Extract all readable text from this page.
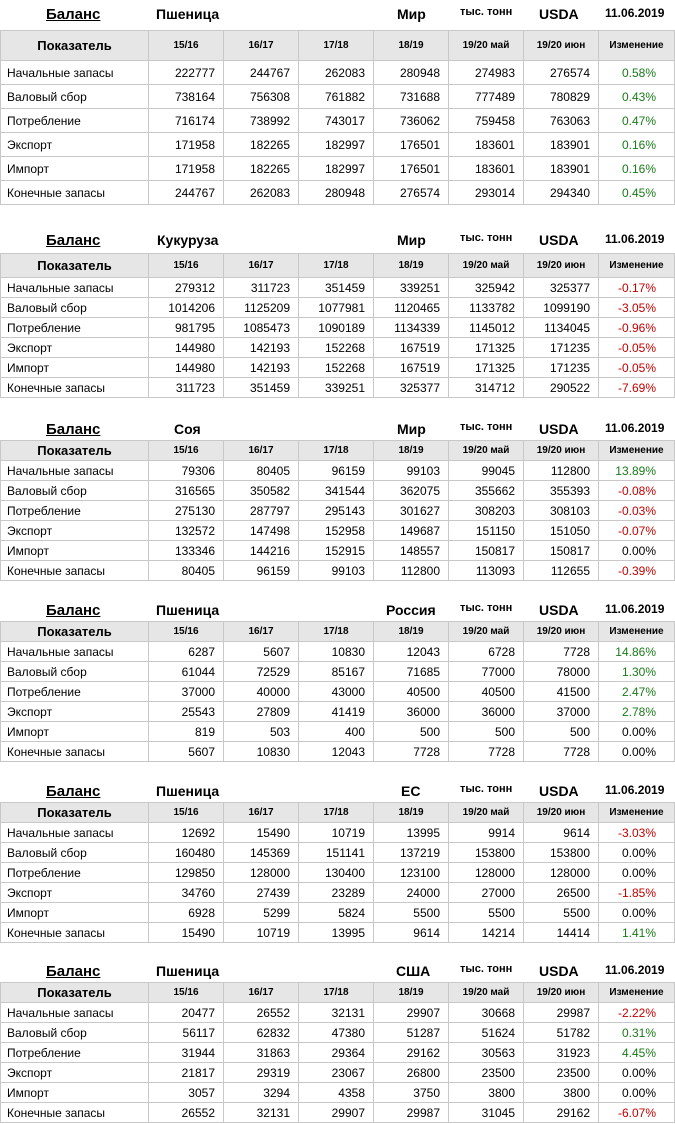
Баланс	Пшеница	Мир	тыс. тонн USDA 11.06.2019
Показатель	15/16	16/17	17/18	18/19	19/20 май	19/20 июн	Изменение
Начальные запасы	222777	244767	262083	280948	274983	276574	0.58%
Валовый сбор	738164	756308	761882	731688	777489	780829	0.43%
Потребление	716174	738992	743017	736062	759458	763063	0.47%
Экспорт	171958	182265	182997	176501	183601	183901	0.16%
Импорт	171958	182265	182997	176501	183601	183901	0.16%
Конечные запасы	244767	262083	280948	276574	293014	294340	0.45%
Баланс	Кукуруза	Мир	тыс. тонн USDA 11.06.2019
Показатель	15/16	16/17	17/18	18/19	19/20 май	19/20 июн	Изменение
Начальные запасы	279312	311723	351459	339251	325942	325377	-0.17%
Валовый сбор	1014206	1125209	1077981	1120465	1133782	1099190	-3.05%
Потребление	981795	1085473	1090189	1134339	1145012	1134045	-0.96%
Экспорт	144980	142193	152268	167519	171325	171235	-0.05%
Импорт	144980	142193	152268	167519	171325	171235	-0.05%
Конечные запасы	311723	351459	339251	325377	314712	290522	-7.69%
Баланс	Соя	Мир	тыс. тонн USDA 11.06.2019
Показатель	15/16	16/17	17/18	18/19	19/20 май	19/20 июн	Изменение
Начальные запасы	79306	80405	96159	99103	99045	112800	13.89%
Валовый сбор	316565	350582	341544	362075	355662	355393	-0.08%
Потребление	275130	287797	295143	301627	308203	308103	-0.03%
Экспорт	132572	147498	152958	149687	151150	151050	-0.07%
Импорт	133346	144216	152915	148557	150817	150817	0.00%
Конечные запасы	80405	96159	99103	112800	113093	112655	-0.39%
Баланс	Пшеница	Россия тыс. тонн USDA 11.06.2019
Показатель	15/16	16/17	17/18	18/19	19/20 май	19/20 июн	Изменение
Начальные запасы	6287	5607	10830	12043	6728	7728	14.86%
Валовый сбор	61044	72529	85167	71685	77000	78000	1.30%
Потребление	37000	40000	43000	40500	40500	41500	2.47%
Экспорт	25543	27809	41419	36000	36000	37000	2.78%
Импорт	819	503	400	500	500	500	0.00%
Конечные запасы	5607	10830	12043	7728	7728	7728	0.00%
Баланс	Пшеница	ЕС	тыс. тонн USDA 11.06.2019
Показатель	15/16	16/17	17/18	18/19	19/20 май	19/20 июн	Изменение
Начальные запасы	12692	15490	10719	13995	9914	9614	-3.03%
Валовый сбор	160480	145369	151141	137219	153800	153800	0.00%
Потребление	129850	128000	130400	123100	128000	128000	0.00%
Экспорт	34760	27439	23289	24000	27000	26500	-1.85%
Импорт	6928	5299	5824	5500	5500	5500	0.00%
Конечные запасы	15490	10719	13995	9614	14214	14414	1.41%
Баланс	Пшеница	США	тыс. тонн USDA 11.06.2019
Показатель	15/16	16/17	17/18	18/19	19/20 май	19/20 июн	Изменение
Начальные запасы	20477	26552	32131	29907	30668	29987	-2.22%
Валовый сбор	56117	62832	47380	51287	51624	51782	0.31%
Потребление	31944	31863	29364	29162	30563	31923	4.45%
Экспорт	21817	29319	23067	26800	23500	23500	0.00%
Импорт	3057	3294	4358	3750	3800	3800	0.00%
Конечные запасы	26552	32131	29907	29987	31045	29162	-6.07%
